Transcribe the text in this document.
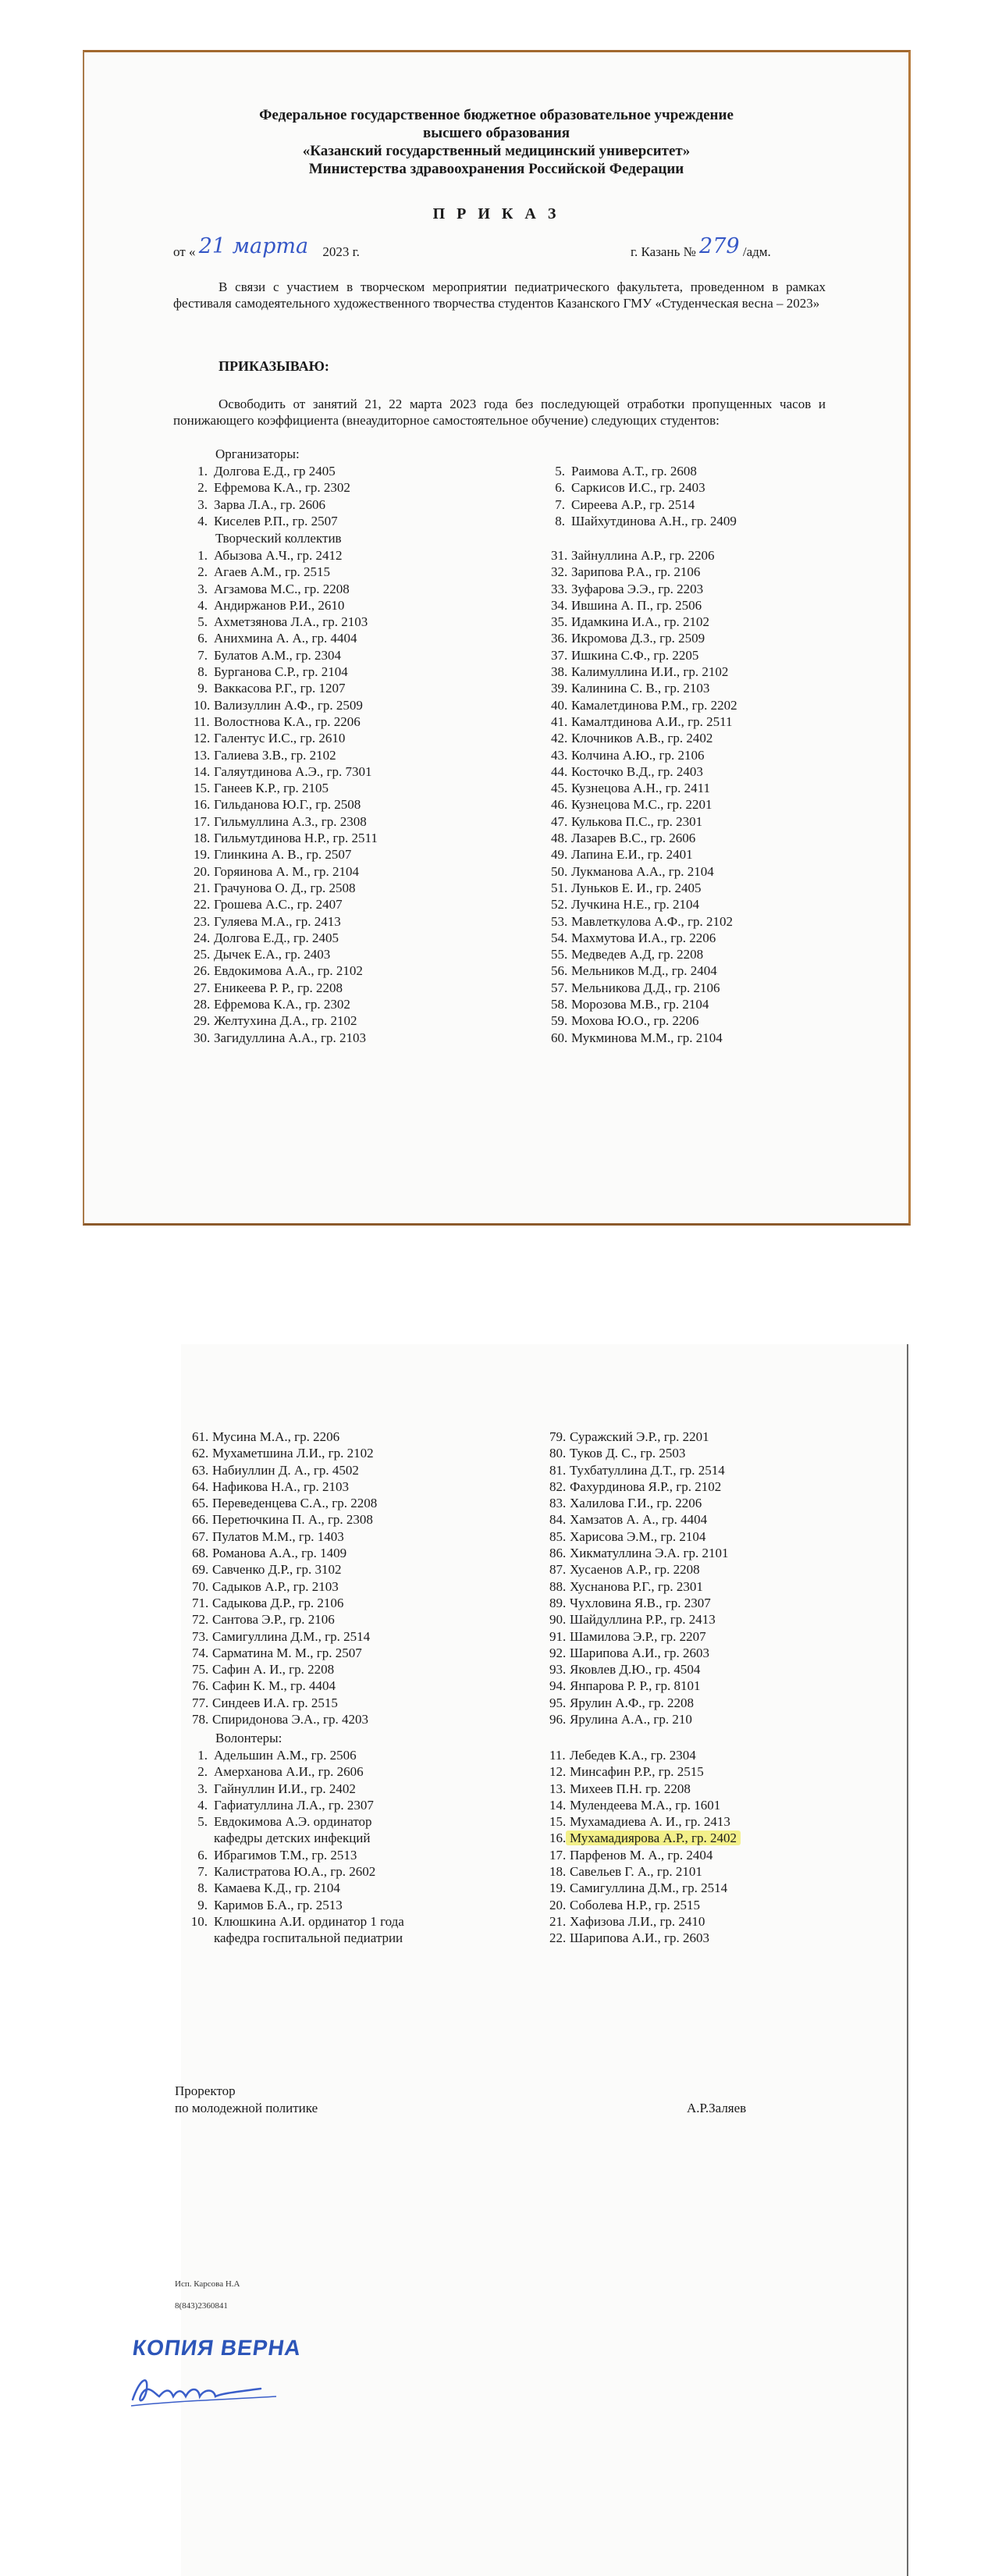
Федеральное государственное бюджетное образовательное учреждение
высшего образования
«Казанский государственный медицинский университет»
Министерства здравоохранения Российской Федерации
П Р И К А З
от « 21 марта 2023 г.	г. Казань № 279 /адм.
В связи с участием в творческом мероприятии педиатрического факультета, проведенном в рамках фестиваля самодеятельного художественного творчества студентов Казанского ГМУ «Студенческая весна – 2023»
ПРИКАЗЫВАЮ:
Освободить от занятий 21, 22 марта 2023 года без последующей отработки пропущенных часов и понижающего коэффициента (внеаудиторное самостоятельное обучение) следующих студентов:
Организаторы:
1. Долгова Е.Д., гр 2405
2. Ефремова К.А., гр. 2302
3. Зарва Л.А., гр. 2606
4. Киселев Р.П., гр. 2507
5. Раимова А.Т., гр. 2608
6. Саркисов И.С., гр. 2403
7. Сиреева А.Р., гр. 2514
8. Шайхутдинова А.Н., гр. 2409
Творческий коллектив
1. Абызова А.Ч., гр. 2412
2. Агаев А.М., гр. 2515
3. Агзамова М.С., гр. 2208
4. Андиржанов Р.И., 2610
5. Ахметзянова Л.А., гр. 2103
6. Анихмина А. А., гр. 4404
7. Булатов А.М., гр. 2304
8. Бурганова С.Р., гр. 2104
9. Ваккасова Р.Г., гр. 1207
10. Вализуллин А.Ф., гр. 2509
11. Волостнова К.А., гр. 2206
12. Галентус И.С., гр. 2610
13. Галиева З.В., гр. 2102
14. Галяутдинова А.Э., гр. 7301
15. Ганеев К.Р., гр. 2105
16. Гильданова Ю.Г., гр. 2508
17. Гильмуллина А.З., гр. 2308
18. Гильмутдинова Н.Р., гр. 2511
19. Глинкина А. В., гр. 2507
20. Горяинова А. М., гр. 2104
21. Грачунова О. Д., гр. 2508
22. Грошева А.С., гр. 2407
23. Гуляева М.А., гр. 2413
24. Долгова Е.Д., гр. 2405
25. Дычек Е.А., гр. 2403
26. Евдокимова А.А., гр. 2102
27. Еникеева Р. Р., гр. 2208
28. Ефремова К.А., гр. 2302
29. Желтухина Д.А., гр. 2102
30. Загидуллина А.А., гр. 2103
31. Зайнуллина А.Р., гр. 2206
32. Зарипова Р.А., гр. 2106
33. Зуфарова Э.Э., гр. 2203
34. Ившина А. П., гр. 2506
35. Идамкина И.А., гр. 2102
36. Икромова Д.З., гр. 2509
37. Ишкина С.Ф., гр. 2205
38. Калимуллина И.И., гр. 2102
39. Калинина С. В., гр. 2103
40. Камалетдинова Р.М., гр. 2202
41. Камалтдинова А.И., гр. 2511
42. Клочников А.В., гр. 2402
43. Колчина А.Ю., гр. 2106
44. Косточко В.Д., гр. 2403
45. Кузнецова А.Н., гр. 2411
46. Кузнецова М.С., гр. 2201
47. Кулькова П.С., гр. 2301
48. Лазарев В.С., гр. 2606
49. Лапина Е.И., гр. 2401
50. Лукманова А.А., гр. 2104
51. Луньков Е. И., гр. 2405
52. Лучкина Н.Е., гр. 2104
53. Мавлеткулова А.Ф., гр. 2102
54. Махмутова И.А., гр. 2206
55. Медведев А.Д, гр. 2208
56. Мельников М.Д., гр. 2404
57. Мельникова Д.Д., гр. 2106
58. Морозова М.В., гр. 2104
59. Мохова Ю.О., гр. 2206
60. Мукминова М.М., гр. 2104
61. Мусина М.А., гр. 2206
62. Мухаметшина Л.И., гр. 2102
63. Набиуллин Д. А., гр. 4502
64. Нафикова Н.А., гр. 2103
65. Переведенцева С.А., гр. 2208
66. Перетючкина П. А., гр. 2308
67. Пулатов М.М., гр. 1403
68. Романова А.А., гр. 1409
69. Савченко Д.Р., гр. 3102
70. Садыков А.Р., гр. 2103
71. Садыкова Д.Р., гр. 2106
72. Сантова Э.Р., гр. 2106
73. Самигуллина Д.М., гр. 2514
74. Сарматина М. М., гр. 2507
75. Сафин А. И., гр. 2208
76. Сафин К. М., гр. 4404
77. Синдеев И.А. гр. 2515
78. Спиридонова Э.А., гр. 4203
79. Суражский Э.Р., гр. 2201
80. Туков Д. С., гр. 2503
81. Тухбатуллина Д.Т., гр. 2514
82. Фахурдинова Я.Р., гр. 2102
83. Халилова Г.И., гр. 2206
84. Хамзатов А. А., гр. 4404
85. Харисова Э.М., гр. 2104
86. Хикматуллина Э.А. гр. 2101
87. Хусаенов А.Р., гр. 2208
88. Хуснанова Р.Г., гр. 2301
89. Чухловина Я.В., гр. 2307
90. Шайдуллина Р.Р., гр. 2413
91. Шамилова Э.Р., гр. 2207
92. Шарипова А.И., гр. 2603
93. Яковлев Д.Ю., гр. 4504
94. Янпарова Р. Р., гр. 8101
95. Ярулин А.Ф., гр. 2208
96. Ярулина А.А., гр. 210
Волонтеры:
1. Адельшин А.М., гр. 2506
2. Амерханова А.И., гр. 2606
3. Гайнуллин И.И., гр. 2402
4. Гафиатуллина Л.А., гр. 2307
5. Евдокимова А.Э. ординатор
кафедры детских инфекций
6. Ибрагимов Т.М., гр. 2513
7. Калистратова Ю.А., гр. 2602
8. Камаева К.Д., гр. 2104
9. Каримов Б.А., гр. 2513
10. Клюшкина А.И. ординатор 1 года
кафедра госпитальной педиатрии
11. Лебедев К.А., гр. 2304
12. Минсафин Р.Р., гр. 2515
13. Михеев П.Н. гр. 2208
14. Мулендеева М.А., гр. 1601
15. Мухамадиева А. И., гр. 2413
16. Мухамадиярова А.Р., гр. 2402
17. Парфенов М. А., гр. 2404
18. Савельев Г. А., гр. 2101
19. Самигуллина Д.М., гр. 2514
20. Соболева Н.Р., гр. 2515
21. Хафизова Л.И., гр. 2410
22. Шарипова А.И., гр. 2603
Проректор
по молодежной политике	А.Р.Заляев
Исп. Карсова Н.А
8(843)2360841
КОПИЯ ВЕРНА
